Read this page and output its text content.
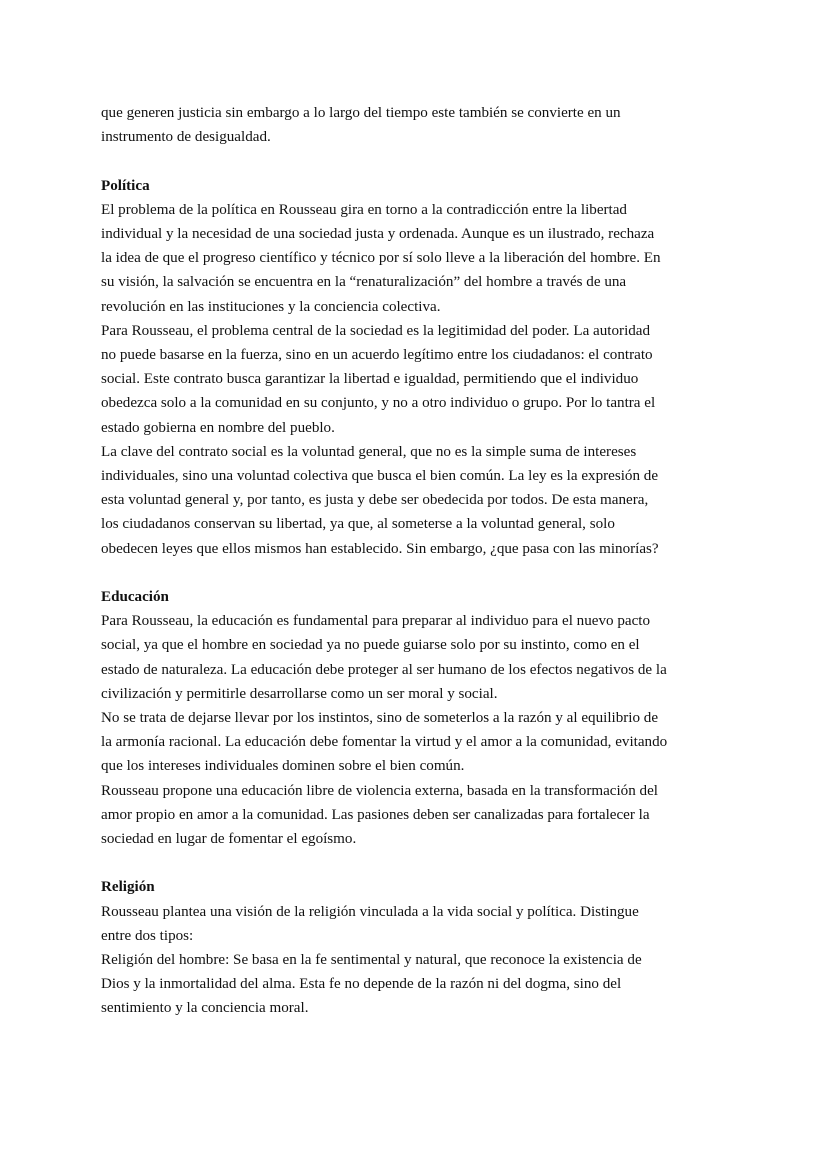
que generen justicia sin embargo a lo largo del tiempo este también se convierte en un
instrumento de desigualdad.
Política
El problema de la política en Rousseau gira en torno a la contradicción entre la libertad
individual y la necesidad de una sociedad justa y ordenada. Aunque es un ilustrado, rechaza
la idea de que el progreso científico y técnico por sí solo lleve a la liberación del hombre. En
su visión, la salvación se encuentra en la “renaturalización” del hombre a través de una
revolución en las instituciones y la conciencia colectiva.
Para Rousseau, el problema central de la sociedad es la legitimidad del poder. La autoridad
no puede basarse en la fuerza, sino en un acuerdo legítimo entre los ciudadanos: el contrato
social. Este contrato busca garantizar la libertad e igualdad, permitiendo que el individuo
obedezca solo a la comunidad en su conjunto, y no a otro individuo o grupo. Por lo tantra el
estado gobierna en nombre del pueblo.
La clave del contrato social es la voluntad general, que no es la simple suma de intereses
individuales, sino una voluntad colectiva que busca el bien común. La ley es la expresión de
esta voluntad general y, por tanto, es justa y debe ser obedecida por todos. De esta manera,
los ciudadanos conservan su libertad, ya que, al someterse a la voluntad general, solo
obedecen leyes que ellos mismos han establecido. Sin embargo, ¿que pasa con las minorías?
Educación
Para Rousseau, la educación es fundamental para preparar al individuo para el nuevo pacto
social, ya que el hombre en sociedad ya no puede guiarse solo por su instinto, como en el
estado de naturaleza. La educación debe proteger al ser humano de los efectos negativos de la
civilización y permitirle desarrollarse como un ser moral y social.
No se trata de dejarse llevar por los instintos, sino de someterlos a la razón y al equilibrio de
la armonía racional. La educación debe fomentar la virtud y el amor a la comunidad, evitando
que los intereses individuales dominen sobre el bien común.
Rousseau propone una educación libre de violencia externa, basada en la transformación del
amor propio en amor a la comunidad. Las pasiones deben ser canalizadas para fortalecer la
sociedad en lugar de fomentar el egoísmo.
Religión
Rousseau plantea una visión de la religión vinculada a la vida social y política. Distingue
entre dos tipos:
Religión del hombre: Se basa en la fe sentimental y natural, que reconoce la existencia de
Dios y la inmortalidad del alma. Esta fe no depende de la razón ni del dogma, sino del
sentimiento y la conciencia moral.
